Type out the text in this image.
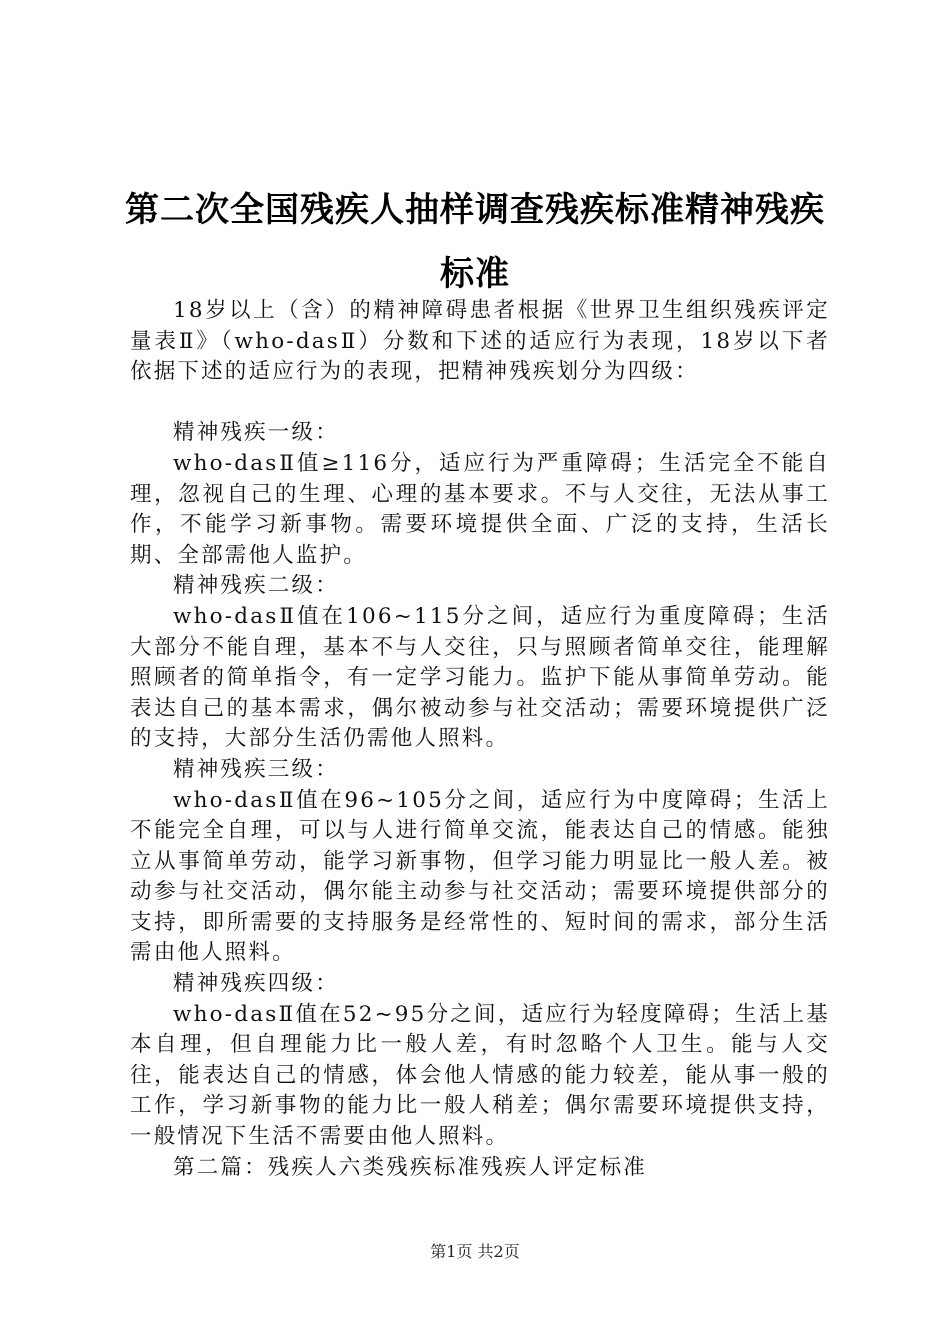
第二次全国残疾人抽样调查残疾标准精神残疾
标准

18岁以上（含）的精神障碍患者根据《世界卫生组织残疾评定量表Ⅱ》（who-dasⅡ）分数和下述的适应行为表现，18岁以下者依据下述的适应行为的表现，把精神残疾划分为四级：

精神残疾一级：

who-dasⅡ值≥116分，适应行为严重障碍；生活完全不能自理，忽视自己的生理、心理的基本要求。不与人交往，无法从事工作，不能学习新事物。需要环境提供全面、广泛的支持，生活长期、全部需他人监护。

精神残疾二级：

who-dasⅡ值在106~115分之间，适应行为重度障碍；生活大部分不能自理，基本不与人交往，只与照顾者简单交往，能理解照顾者的简单指令，有一定学习能力。监护下能从事简单劳动。能表达自己的基本需求，偶尔被动参与社交活动；需要环境提供广泛的支持，大部分生活仍需他人照料。

精神残疾三级：

who-dasⅡ值在96~105分之间，适应行为中度障碍；生活上不能完全自理，可以与人进行简单交流，能表达自己的情感。能独立从事简单劳动，能学习新事物，但学习能力明显比一般人差。被动参与社交活动，偶尔能主动参与社交活动；需要环境提供部分的支持，即所需要的支持服务是经常性的、短时间的需求，部分生活需由他人照料。

精神残疾四级：

who-dasⅡ值在52~95分之间，适应行为轻度障碍；生活上基本自理，但自理能力比一般人差，有时忽略个人卫生。能与人交往，能表达自己的情感，体会他人情感的能力较差，能从事一般的工作，学习新事物的能力比一般人稍差；偶尔需要环境提供支持，一般情况下生活不需要由他人照料。

第二篇：残疾人六类残疾标准残疾人评定标准

第1页 共2页
